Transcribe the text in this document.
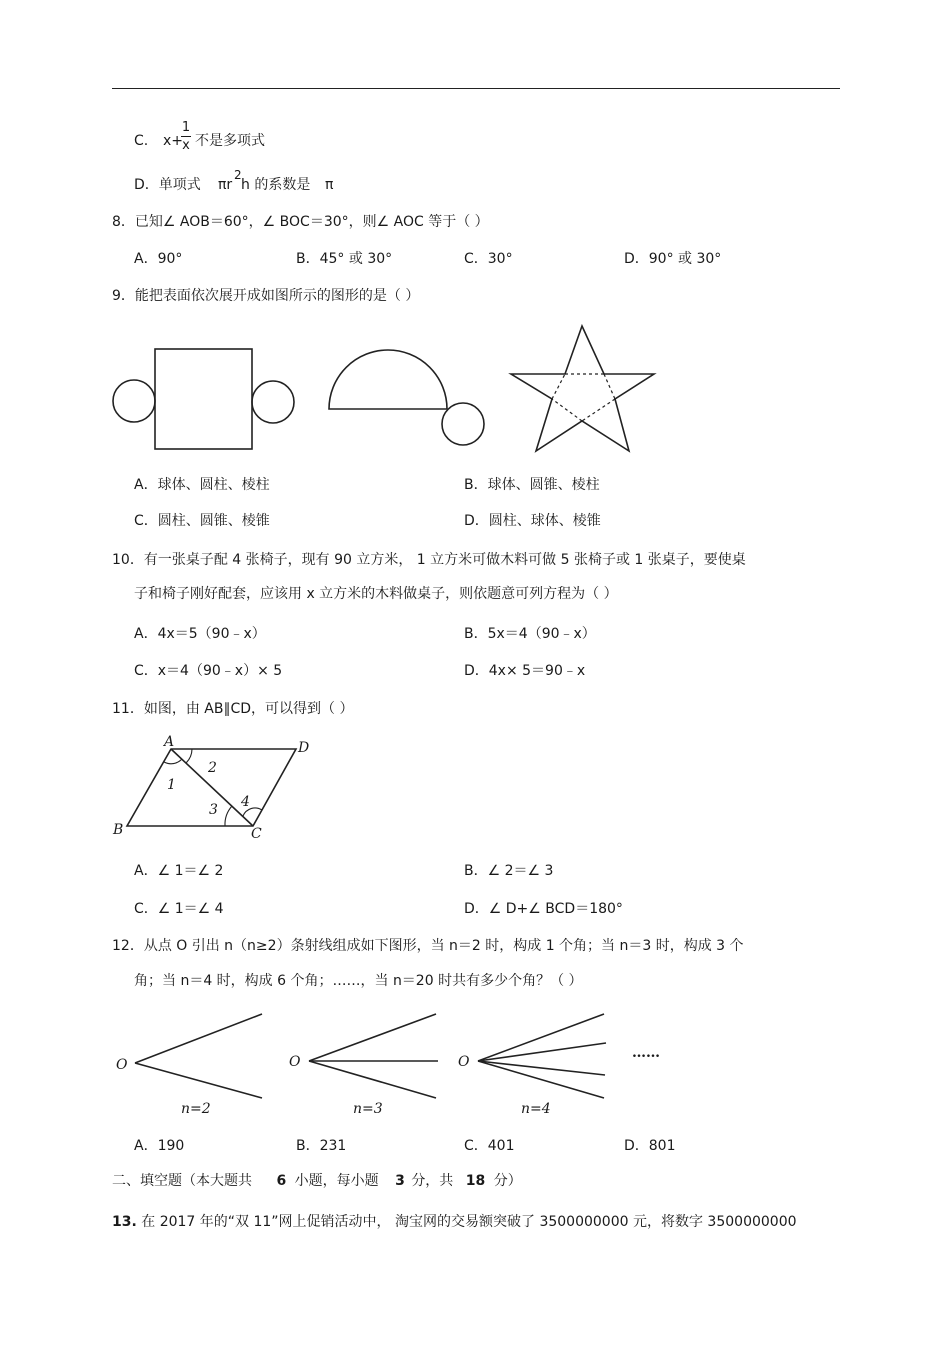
C. x+
1
x 不是多项式
D．单项式 πr
2
h 的系数是 π
8．已知∠ AOB＝60°，∠ BOC＝30°，则∠ AOC 等于（ ）
A．90°	B．45° 或 30°	C．30°	D．90° 或 30°
9．能把表面依次展开成如图所示的图形的是（ ）
A．球体、圆柱、棱柱	B．球体、圆锥、棱柱
C．圆柱、圆锥、棱锥	D．圆柱、球体、棱锥
10．有一张桌子配 4 张椅子，现有 90 立方米， 1 立方米可做木料可做 5 张椅子或 1 张桌子，要使桌
子和椅子刚好配套，应该用 x 立方米的木料做桌子，则依题意可列方程为（ ）
A．4x＝5（90﹣x）	B．5x＝4（90﹣x）
C．x＝4（90﹣x）× 5	D．4x× 5＝90﹣x
11．如图，由 AB∥CD，可以得到（ ）
A	D
B	C
1
2
3 4
A．∠ 1＝∠ 2	B．∠ 2＝∠ 3
C．∠ 1＝∠ 4	D．∠ D+∠ BCD＝180°
12．从点 O 引出 n（n≥2）条射线组成如下图形，当 n＝2 时，构成 1 个角；当 n＝3 时，构成 3 个
角；当 n＝4 时，构成 6 个角；……，当 n＝20 时共有多少个角？（ ）
O	O	O
n=2	n=3	n=4
……
A．190	B．231	C．401	D．801
二、填空题（本大题共 6 小题，每小题 3 分，共 18 分）
13. 在 2017 年的“双 11”网上促销活动中， 淘宝网的交易额突破了 3500000000 元，将数字 3500000000
